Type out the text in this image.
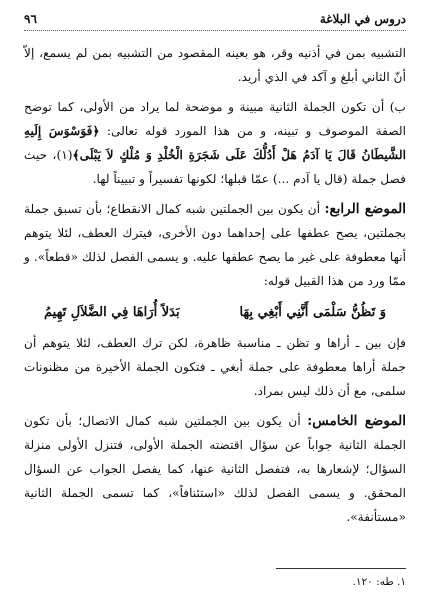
دروس في البلاغة
٩٦

التشبيه بمن في أذنيه وقر، هو بعينه المقصود من التشبيه بمن لم يسمع، إلاّ أنّ الثاني أبلغ و آكد في الذي أريد.

ب) أن تكون الجملة الثانية مبينة و موضحة لما يراد من الأولى، كما توضح الصفة الموصوف و تبينه، و من هذا المورد قوله تعالى: ﴿فَوَسْوَسَ إِلَيهِ الشَّيطَانُ قَالَ يَا آدَمُ هَلْ أَدُلُّكَ عَلَى شَجَرَةِ الْخُلْدِ وَ مُلْكٍ لاَ يَبْلَى﴾(١)، حيث فصل جملة (قال يا آدم ...) عمّا قبلها؛ لكونها تفسيراً و تبييناً لها.

الموضع الرابع: أن يكون بين الجملتين شبه كمال الانقطاع؛ بأن تسبق جملة بجملتين، يصح عطفها على إحداهما دون الأخرى، فيترك العطف، لئلا يتوهم أنها معطوفة على غير ما يصح عطفها عليه. و يسمى الفصل لذلك «قطعاً». و ممّا ورد من هذا القبيل قوله:

وَ تَظُنُّ سَلْمَى أَنَّنِي أَبْغِي بِهَا
بَدَلاً أُرَاهَا فِي الضَّلاَلِ تَهِيمُ

فإن بين ـ أراها و تظن ـ مناسبة ظاهرة، لكن ترك العطف، لئلا يتوهم أن جملة أراها معطوفة على جملة أبغي ـ فتكون الجملة الأخيرة من مظنونات سلمى، مع أن ذلك ليس بمراد.

الموضع الخامس: أن يكون بين الجملتين شبه كمال الاتصال؛ بأن تكون الجملة الثانية جواباً عن سؤال اقتضته الجملة الأولى، فتنزل الأولى منزلة السؤال؛ لإشعارها به، فتفصل الثانية عنها، كما يفصل الجواب عن السؤال المحقق. و يسمى الفصل لذلك «استئنافاً»، كما تسمى الجملة الثانية «مستأنفة».

١. طه: ١٢٠.
